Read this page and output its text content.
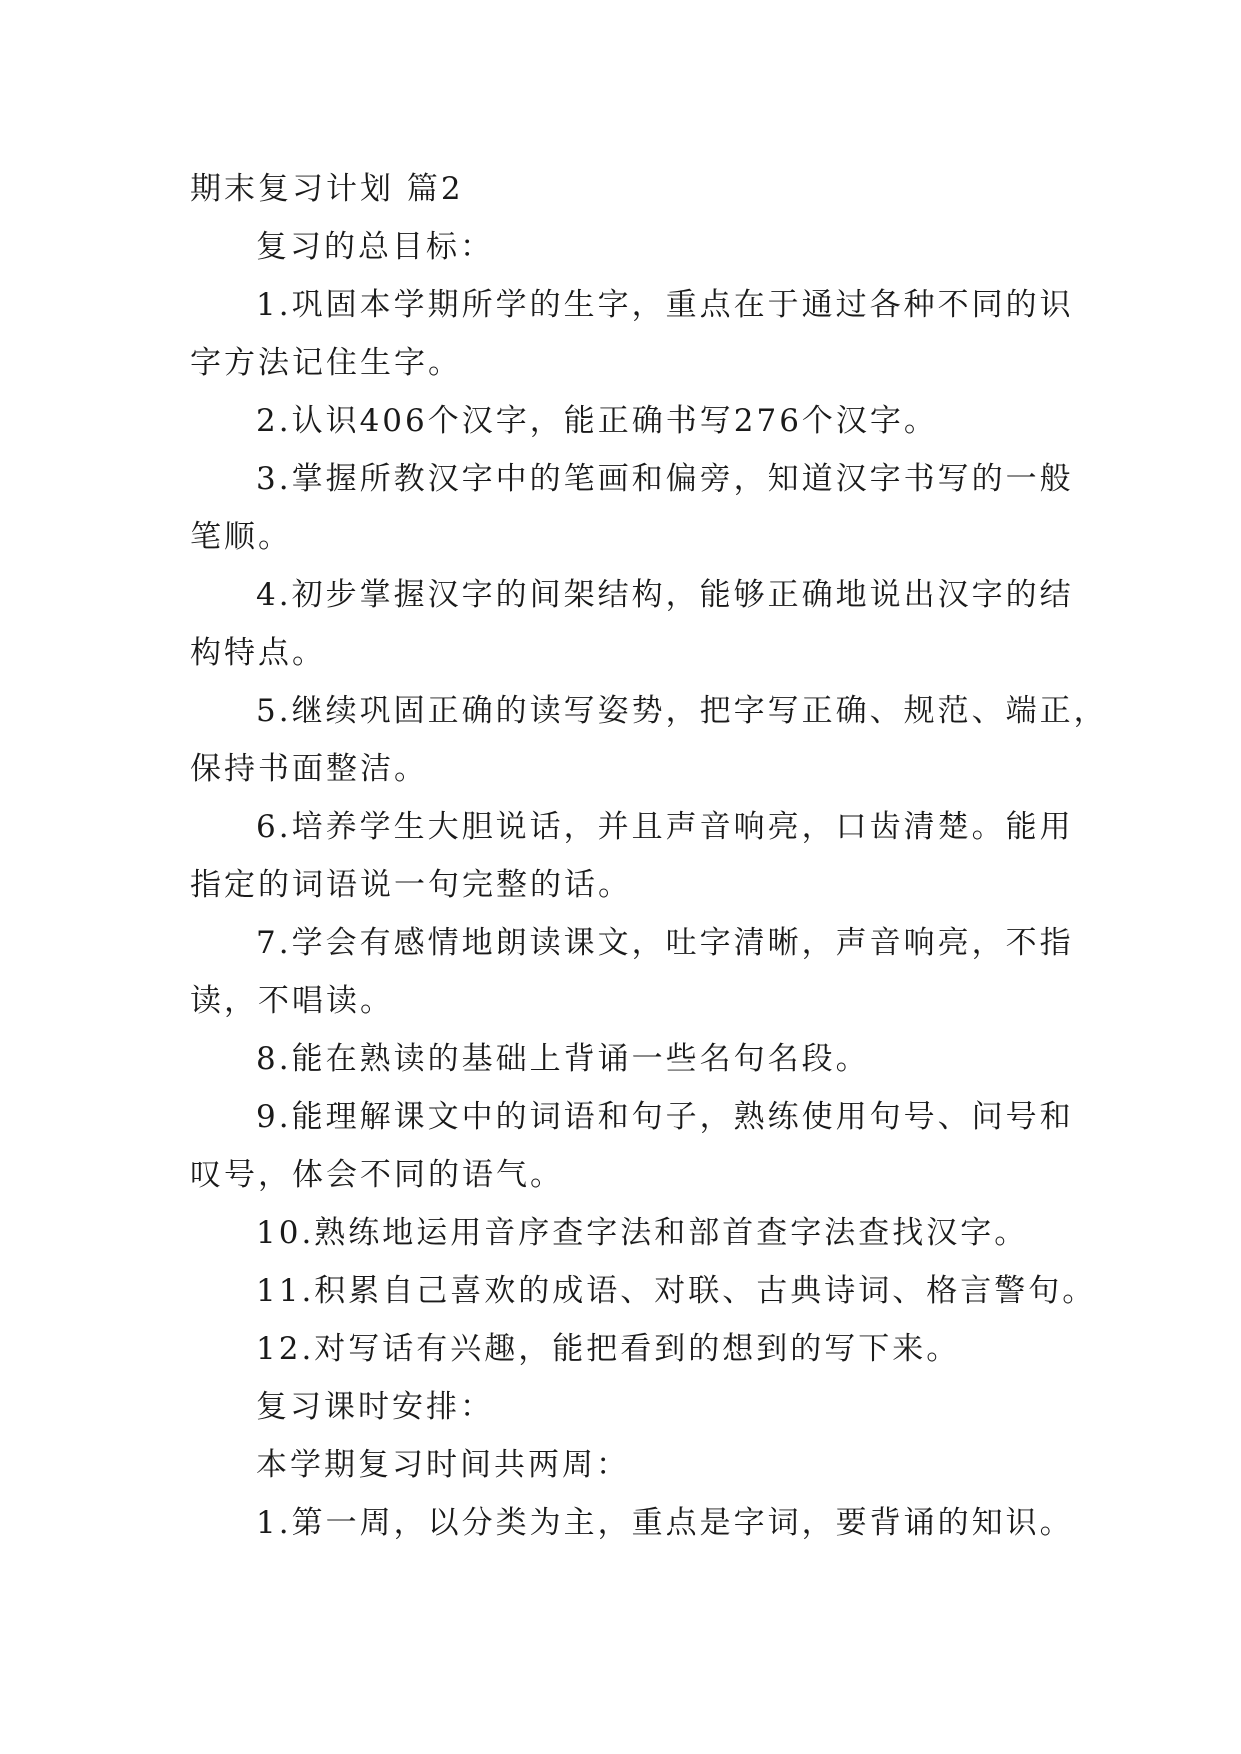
期末复习计划 篇2
复习的总目标：
1.巩固本学期所学的生字，重点在于通过各种不同的识
字方法记住生字。
2.认识406个汉字，能正确书写276个汉字。
3.掌握所教汉字中的笔画和偏旁，知道汉字书写的一般
笔顺。
4.初步掌握汉字的间架结构，能够正确地说出汉字的结
构特点。
5.继续巩固正确的读写姿势，把字写正确、规范、端正，
保持书面整洁。
6.培养学生大胆说话，并且声音响亮，口齿清楚。能用
指定的词语说一句完整的话。
7.学会有感情地朗读课文，吐字清晰，声音响亮，不指
读，不唱读。
8.能在熟读的基础上背诵一些名句名段。
9.能理解课文中的词语和句子，熟练使用句号、问号和
叹号，体会不同的语气。
10.熟练地运用音序查字法和部首查字法查找汉字。
11.积累自己喜欢的成语、对联、古典诗词、格言警句。
12.对写话有兴趣，能把看到的想到的写下来。
复习课时安排：
本学期复习时间共两周：
1.第一周，以分类为主，重点是字词，要背诵的知识。
